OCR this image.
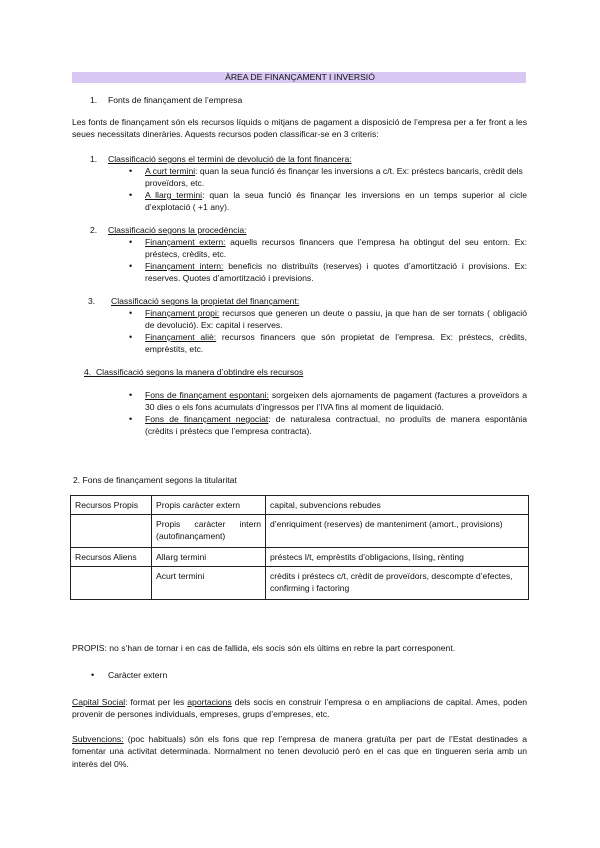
ÀREA DE FINANÇAMENT I INVERSIÓ
1. Fonts de finançament de l’empresa
Les fonts de finançament són els recursos líquids o mitjans de pagament a disposició de l’empresa per a fer front a les seues necessitats dineràries. Aquests recursos poden classificar-se en 3 criteris:
1. Classificació segons el termini de devolució de la font financera:
• A curt termini: quan la seua funció és finançar les inversions a c/t. Ex: préstecs bancaris, crèdit dels proveïdors, etc.
• A llarg termini: quan la seua funció és finançar les inversions en un temps superior al cicle d’explotació ( +1 any).
2. Classificació segons la procedència:
• Finançament extern: aquells recursos financers que l’empresa ha obtingut del seu entorn. Ex: préstecs, crèdits, etc.
• Finançament intern: beneficis no distribuïts (reserves) i quotes d’amortització i provisions. Ex: reserves. Quotes d’amortització i previsions.
3. Classificació segons la propietat del finançament:
• Finançament propi: recursos que generen un deute o passiu, ja que han de ser tornats ( obligació de devolució). Ex: capital i reserves.
• Finançament aliè: recursos financers que són propietat de l’empresa. Ex: préstecs, crèdits, emprèstits, etc.
4. Classificació segons la manera d’obtindre els recursos
• Fons de finançament espontani: sorgeixen dels ajornaments de pagament (factures a proveïdors a 30 dies o els fons acumulats d’ingressos per l’IVA fins al moment de liquidació.
• Fons de finançament negociat: de naturalesa contractual, no produïts de manera espontània (crèdits i préstecs que l’empresa contracta).
2. Fons de finançament segons la titularitat
Recursos Propis	Propis caràcter extern	capital, subvencions rebudes
	Propis caràcter intern (autofinançament)	d’enriquiment (reserves) de manteniment (amort., provisions)
Recursos Aliens	Allarg termini	préstecs l/t, emprèstits d’obligacions, lísing, rènting
	Acurt termini	crèdits i préstecs c/t, crèdit de proveïdors, descompte d’efectes, confirming i factoring
PROPIS: no s’han de tornar i en cas de fallida, els socis són els últims en rebre la part corresponent.
• Caràcter extern
Capital Social: format per les aportacions dels socis en construir l’empresa o en ampliacions de capital. Ames, poden provenir de persones individuals, empreses, grups d’empreses, etc.
Subvencions: (poc habituals) són els fons que rep l’empresa de manera gratuïta per part de l’Estat destinades a fomentar una activitat determinada. Normalment no tenen devolució però en el cas que en tingueren seria amb un interès del 0%.
